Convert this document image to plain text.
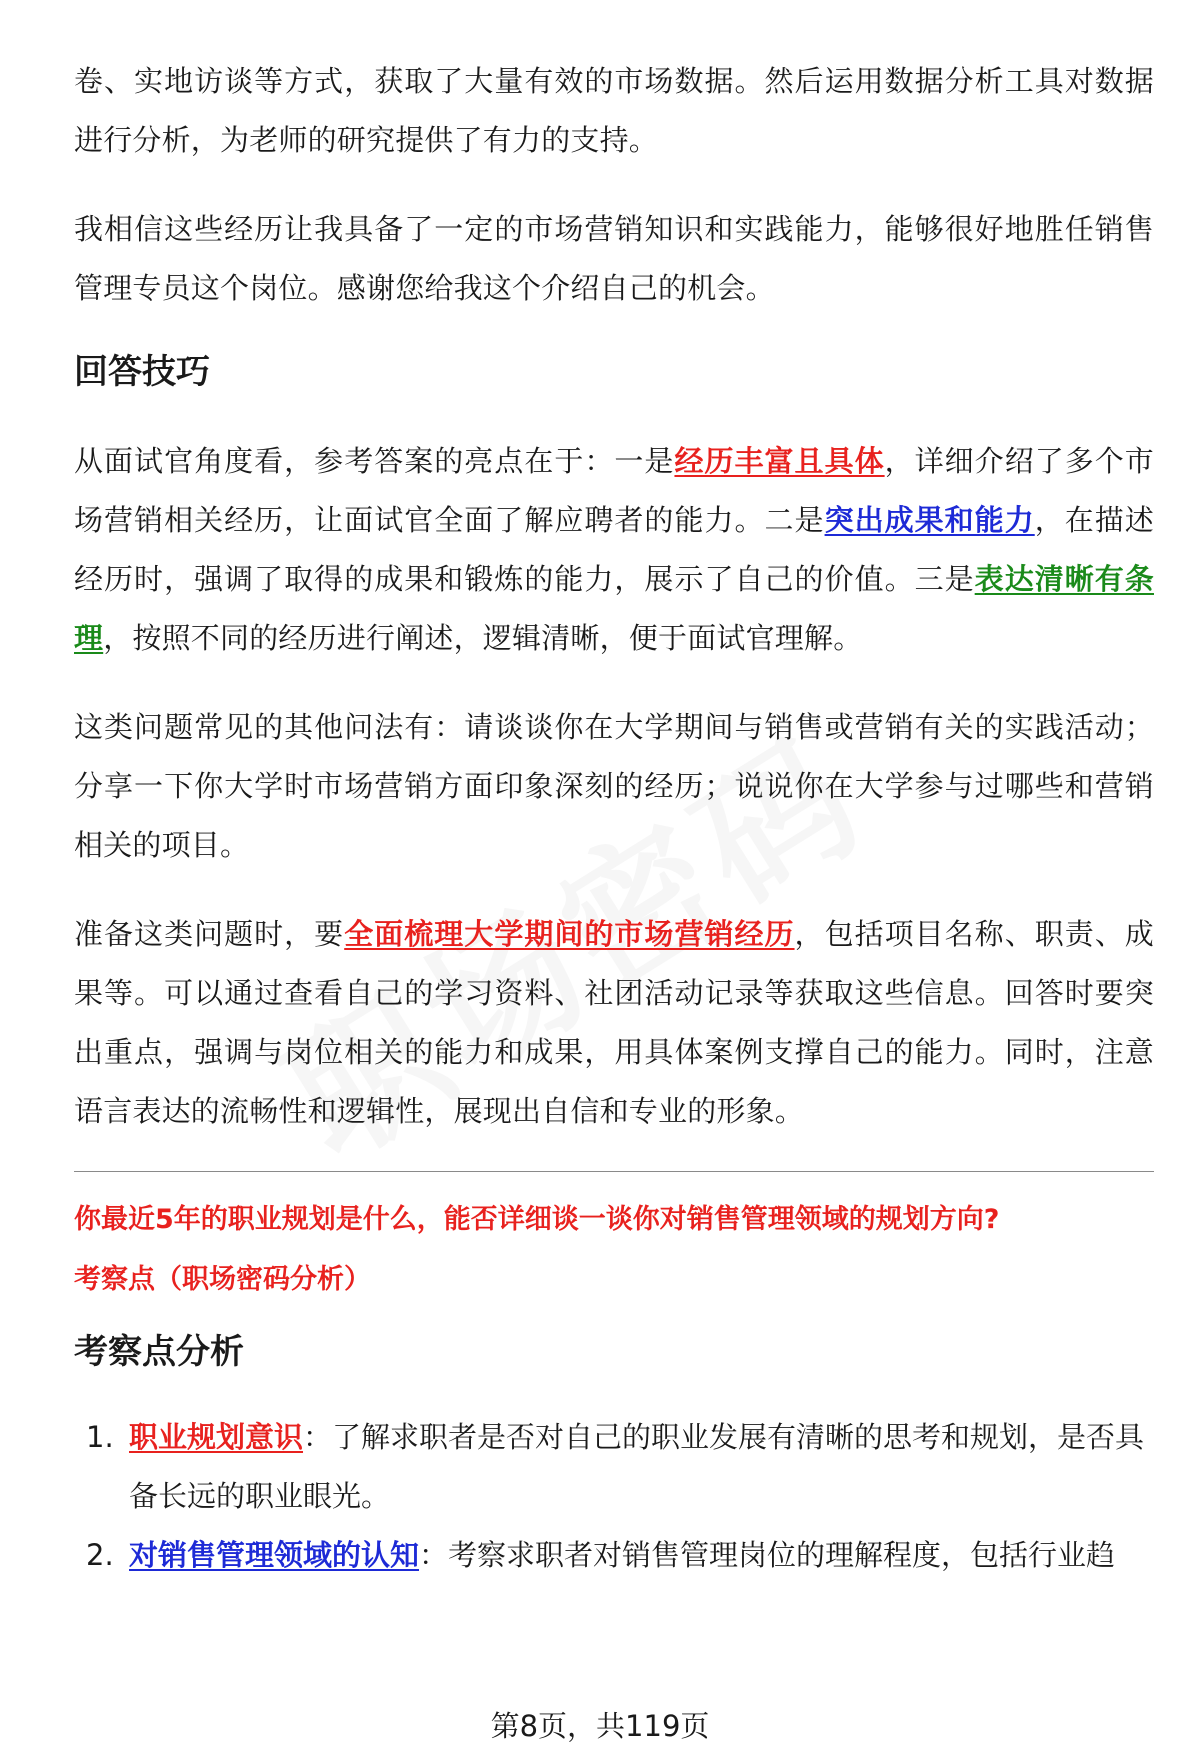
卷、实地访谈等方式，获取了大量有效的市场数据。然后运用数据分析工具对数据进行分析，为老师的研究提供了有力的支持。

我相信这些经历让我具备了一定的市场营销知识和实践能力，能够很好地胜任销售管理专员这个岗位。感谢您给我这个介绍自己的机会。

回答技巧

从面试官角度看，参考答案的亮点在于：一是经历丰富且具体，详细介绍了多个市场营销相关经历，让面试官全面了解应聘者的能力。二是突出成果和能力，在描述经历时，强调了取得的成果和锻炼的能力，展示了自己的价值。三是表达清晰有条理，按照不同的经历进行阐述，逻辑清晰，便于面试官理解。

这类问题常见的其他问法有：请谈谈你在大学期间与销售或营销有关的实践活动；分享一下你大学时市场营销方面印象深刻的经历；说说你在大学参与过哪些和营销相关的项目。

准备这类问题时，要全面梳理大学期间的市场营销经历，包括项目名称、职责、成果等。可以通过查看自己的学习资料、社团活动记录等获取这些信息。回答时要突出重点，强调与岗位相关的能力和成果，用具体案例支撑自己的能力。同时，注意语言表达的流畅性和逻辑性，展现出自信和专业的形象。

你最近5年的职业规划是什么，能否详细谈一谈你对销售管理领域的规划方向?

考察点（职场密码分析）

考察点分析
1. 职业规划意识：了解求职者是否对自己的职业发展有清晰的思考和规划，是否具备长远的职业眼光。
2. 对销售管理领域的认知：考察求职者对销售管理岗位的理解程度，包括行业趋
第8页，共119页
